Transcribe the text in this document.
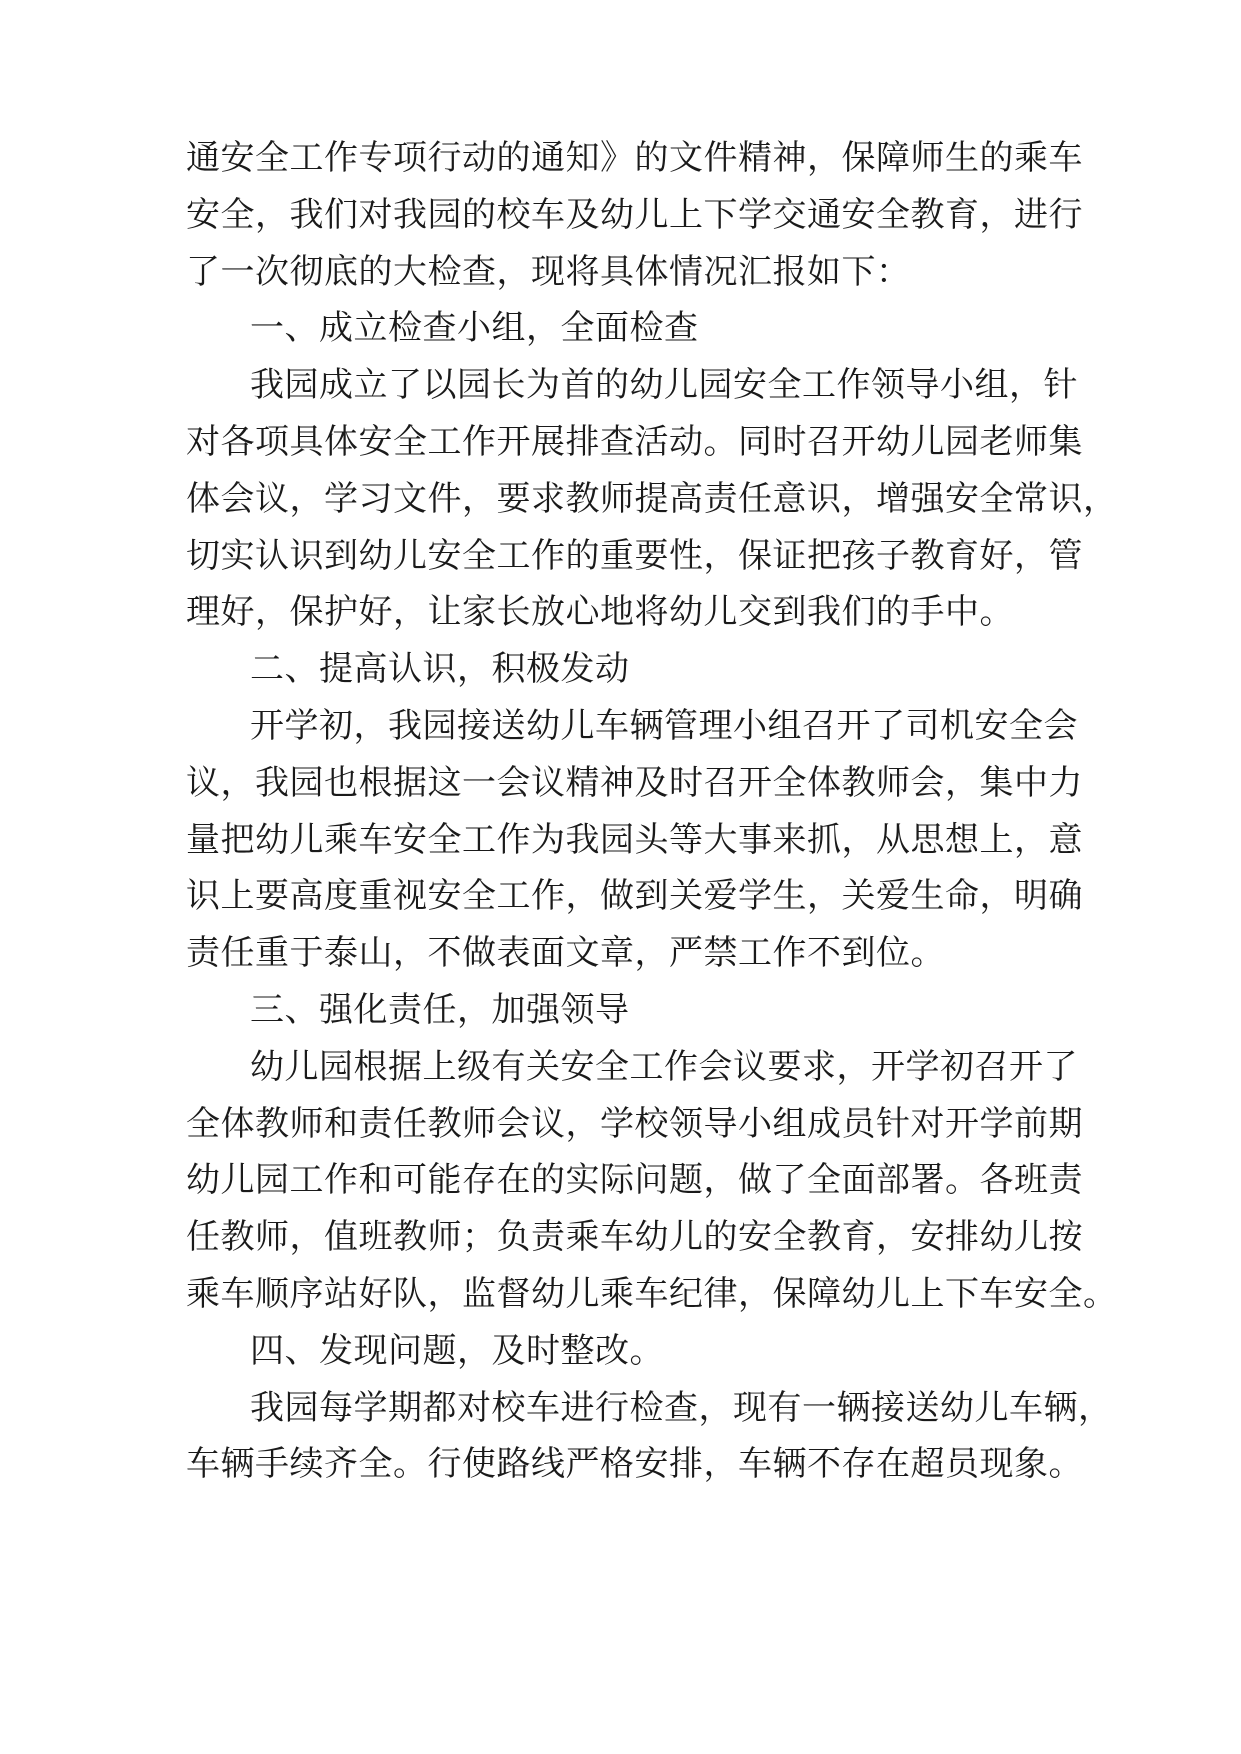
通安全工作专项行动的通知》的文件精神，保障师生的乘车
安全，我们对我园的校车及幼儿上下学交通安全教育，进行
了一次彻底的大检查，现将具体情况汇报如下：
一、成立检查小组，全面检查
我园成立了以园长为首的幼儿园安全工作领导小组，针
对各项具体安全工作开展排查活动。同时召开幼儿园老师集
体会议，学习文件，要求教师提高责任意识，增强安全常识，
切实认识到幼儿安全工作的重要性，保证把孩子教育好，管
理好，保护好，让家长放心地将幼儿交到我们的手中。
二、提高认识，积极发动
开学初，我园接送幼儿车辆管理小组召开了司机安全会
议，我园也根据这一会议精神及时召开全体教师会，集中力
量把幼儿乘车安全工作为我园头等大事来抓，从思想上，意
识上要高度重视安全工作，做到关爱学生，关爱生命，明确
责任重于泰山，不做表面文章，严禁工作不到位。
三、强化责任，加强领导
幼儿园根据上级有关安全工作会议要求，开学初召开了
全体教师和责任教师会议，学校领导小组成员针对开学前期
幼儿园工作和可能存在的实际问题，做了全面部署。各班责
任教师，值班教师；负责乘车幼儿的安全教育，安排幼儿按
乘车顺序站好队，监督幼儿乘车纪律，保障幼儿上下车安全。
四、发现问题，及时整改。
我园每学期都对校车进行检查，现有一辆接送幼儿车辆，
车辆手续齐全。行使路线严格安排，车辆不存在超员现象。
